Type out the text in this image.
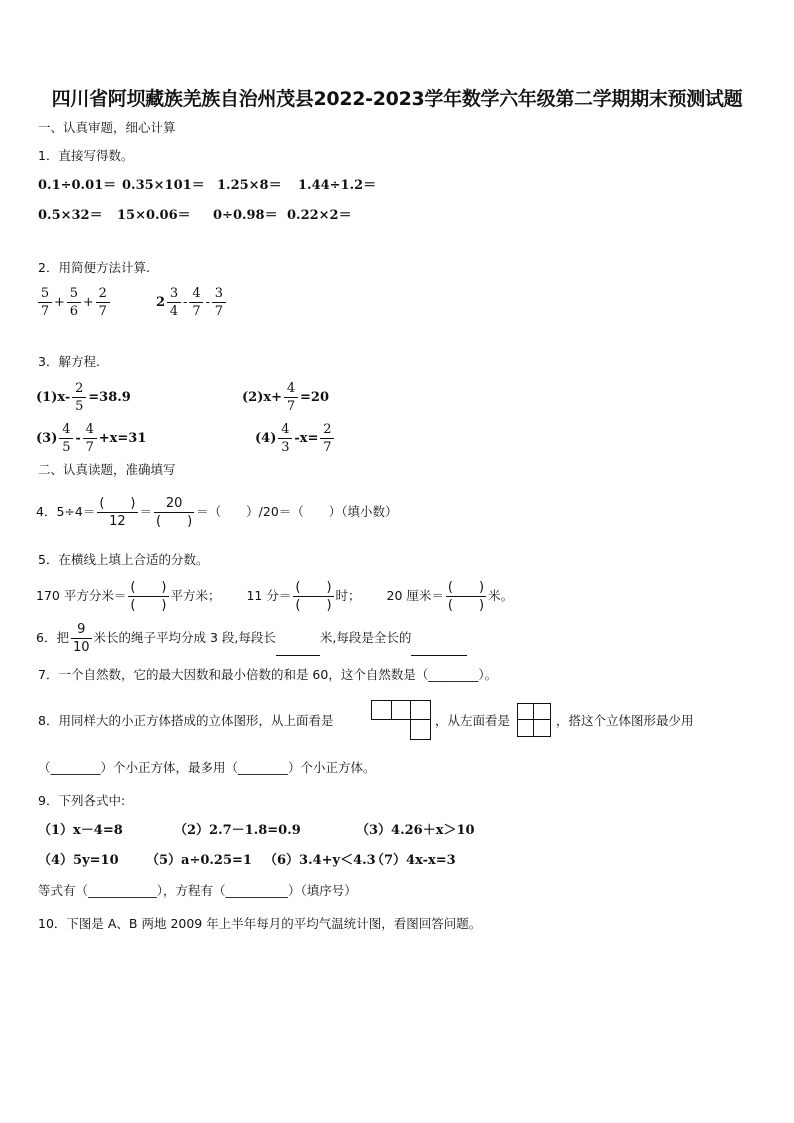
四川省阿坝藏族羌族自治州茂县2022-2023学年数学六年级第二学期期末预测试题
一、认真审题，细心计算
1．直接写得数。
0.1÷0.01＝ 0.35×101＝ 1.25×8＝ 1.44÷1.2＝
0.5×32＝ 15×0.06＝ 0÷0.98＝ 0.22×2＝
2．用简便方法计算.
$\frac{5}{7} + \frac{5}{6} + \frac{2}{7}$	$2 \frac{3}{4} - \frac{4}{7} - \frac{3}{7}$
3．解方程.
$(1)x- \frac{2}{5} =38.9$	$(2)x+ \frac{4}{7} =20$
$(3) \frac{4}{5} - \frac{4}{7} +x=31$	$(4) \frac{4}{3} -x= \frac{2}{7}$
二、认真读题，准确填写
4．$5\div 4= \frac{( )}{12} = \frac{20}{( )}$ ＝（　　）/20＝（　　）（填小数）
5．在横线上填上合适的分数。
170 平方分米＝ $\frac{( )}{( )}$ 平方米； 11 分＝ $\frac{( )}{( )}$ 时； 20 厘米＝ $\frac{( )}{( )}$ 米。
6．把 $\frac{9}{10}$ 米长的绳子平均分成 3 段,每段长	米,每段是全长的
7．一个自然数，它的最大因数和最小倍数的和是 60，这个自然数是（________）。
8．用同样大的小正方体搭成的立体图形，从上面看是	，从左面看是	，搭这个立体图形最少用
（________）个小正方体，最多用（________）个小正方体。
9．下列各式中:
（1）x－4=8	（2）2.7－1.8=0.9	（3）4.26＋x＞10
（4）5y=10 （5）a÷0.25=1 （6）3.4+y＜4.3
（7）4x-x=3
等式有（___________），方程有（__________）（填序号）
10．下图是 A、B 两地 2009 年上半年每月的平均气温统计图，看图回答问题。
